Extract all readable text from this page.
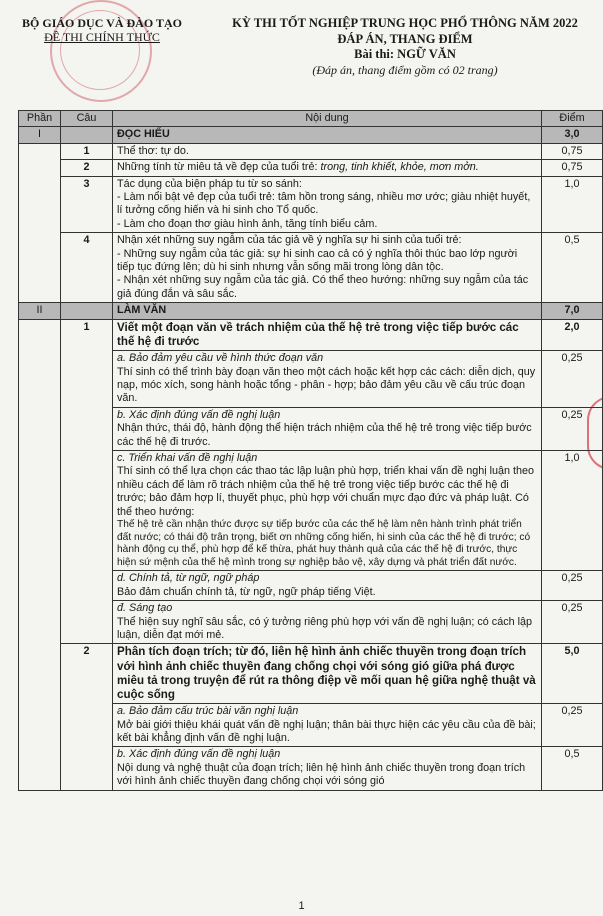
BỘ GIÁO DỤC VÀ ĐÀO TẠO
ĐỀ THI CHÍNH THỨC
KỲ THI TỐT NGHIỆP TRUNG HỌC PHỔ THÔNG NĂM 2022
ĐÁP ÁN, THANG ĐIỂM
Bài thi: NGỮ VĂN
(Đáp án, thang điểm gồm có 02 trang)
Phần	Câu	Nội dung	Điểm
I		ĐỌC HIỂU	3,0
	1	Thể thơ: tự do.	0,75
	2	Những tính từ miêu tả về đẹp của tuổi trẻ: trong, tinh khiết, khỏe, mơn mởn.	0,75
	3	Tác dụng của biện pháp tu từ so sánh:
- Làm nổi bật vẻ đẹp của tuổi trẻ: tâm hồn trong sáng, nhiều mơ ước; giàu nhiệt huyết, lí tưởng cống hiến và hi sinh cho Tổ quốc.
- Làm cho đoạn thơ giàu hình ảnh, tăng tính biểu cảm.	1,0
	4	Nhận xét những suy ngẫm của tác giả về ý nghĩa sự hi sinh của tuổi trẻ:
- Những suy ngẫm của tác giả: sự hi sinh cao cả có ý nghĩa thôi thúc bao lớp người tiếp tục đứng lên; dù hi sinh nhưng vẫn sống mãi trong lòng dân tộc.
- Nhận xét những suy ngẫm của tác giả. Có thể theo hướng: những suy ngẫm của tác giả đúng đắn và sâu sắc.	0,5
II		LÀM VĂN	7,0
	1	Viết một đoạn văn về trách nhiệm của thế hệ trẻ trong việc tiếp bước các thế hệ đi trước	2,0

		a. Bảo đảm yêu cầu về hình thức đoạn văn
Thí sinh có thể trình bày đoạn văn theo một cách hoặc kết hợp các cách: diễn dịch, quy nạp, móc xích, song hành hoặc tổng - phân - hợp; bảo đảm yêu cầu về cấu trúc đoạn văn.	0,25

		b. Xác định đúng vấn đề nghị luận
Nhận thức, thái độ, hành động thể hiện trách nhiệm của thế hệ trẻ trong việc tiếp bước các thế hệ đi trước.	0,25

		c. Triển khai vấn đề nghị luận
Thí sinh có thể lựa chọn các thao tác lập luận phù hợp, triển khai vấn đề nghị luận theo nhiều cách để làm rõ trách nhiệm của thế hệ trẻ trong việc tiếp bước các thế hệ đi trước; bảo đảm hợp lí, thuyết phục, phù hợp với chuẩn mực đạo đức và pháp luật. Có thể theo hướng:
Thế hệ trẻ cần nhận thức được sự tiếp bước của các thế hệ làm nên hành trình phát triển đất nước; có thái độ trân trọng, biết ơn những cống hiến, hi sinh của các thế hệ đi trước; có hành động cụ thể, phù hợp để kế thừa, phát huy thành quả của các thế hệ đi trước, thực hiện sứ mệnh của thế hệ mình trong sự nghiệp bảo vệ, xây dựng và phát triển đất nước.	1,0

		d. Chính tả, từ ngữ, ngữ pháp
Bảo đảm chuẩn chính tả, từ ngữ, ngữ pháp tiếng Việt.	0,25

		đ. Sáng tạo
Thể hiện suy nghĩ sâu sắc, có ý tưởng riêng phù hợp với vấn đề nghị luận; có cách lập luận, diễn đạt mới mẻ.	0,25
	2	Phân tích đoạn trích; từ đó, liên hệ hình ảnh chiếc thuyền trong đoạn trích với hình ảnh chiếc thuyền đang chống chọi với sóng gió giữa phá được miêu tả trong truyện để rút ra thông điệp về mối quan hệ giữa nghệ thuật và cuộc sống	5,0

		a. Bảo đảm cấu trúc bài văn nghị luận
Mở bài giới thiệu khái quát vấn đề nghị luận; thân bài thực hiện các yêu cầu của đề bài; kết bài khẳng định vấn đề nghị luận.	0,25

		b. Xác định đúng vấn đề nghị luận
Nội dung và nghệ thuật của đoạn trích; liên hệ hình ảnh chiếc thuyền trong đoạn trích với hình ảnh chiếc thuyền đang chống chọi với sóng gió	0,5
1
